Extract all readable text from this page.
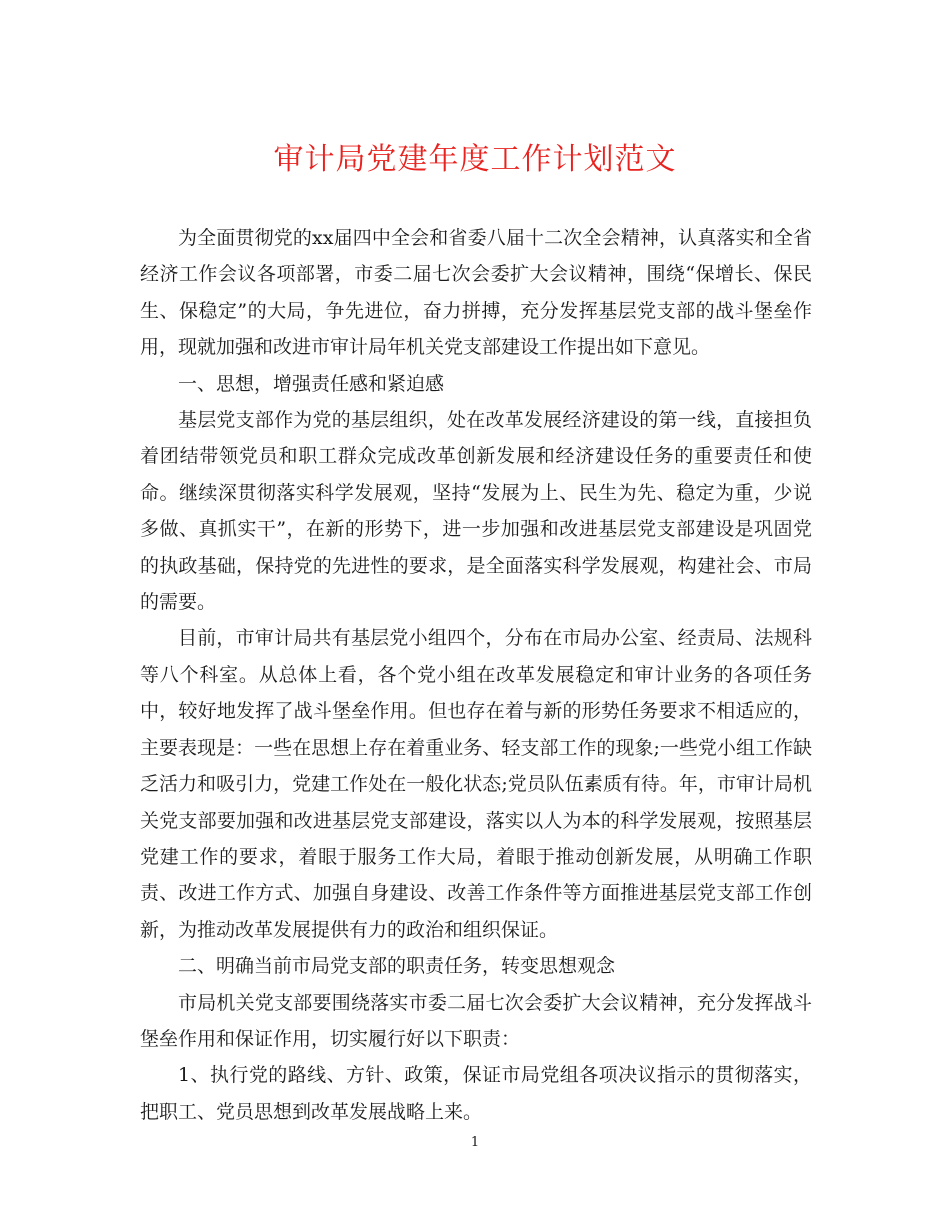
审计局党建年度工作计划范文

为全面贯彻党的xx届四中全会和省委八届十二次全会精神，认真落实和全省经济工作会议各项部署，市委二届七次会委扩大会议精神，围绕“保增长、保民生、保稳定”的大局，争先进位，奋力拼搏，充分发挥基层党支部的战斗堡垒作用，现就加强和改进市审计局年机关党支部建设工作提出如下意见。

一、思想，增强责任感和紧迫感

基层党支部作为党的基层组织，处在改革发展经济建设的第一线，直接担负着团结带领党员和职工群众完成改革创新发展和经济建设任务的重要责任和使命。继续深贯彻落实科学发展观，坚持“发展为上、民生为先、稳定为重，少说多做、真抓实干”，在新的形势下，进一步加强和改进基层党支部建设是巩固党的执政基础，保持党的先进性的要求，是全面落实科学发展观，构建社会、市局的需要。

目前，市审计局共有基层党小组四个，分布在市局办公室、经责局、法规科等八个科室。从总体上看，各个党小组在改革发展稳定和审计业务的各项任务中，较好地发挥了战斗堡垒作用。但也存在着与新的形势任务要求不相适应的，主要表现是：一些在思想上存在着重业务、轻支部工作的现象;一些党小组工作缺乏活力和吸引力，党建工作处在一般化状态;党员队伍素质有待。年，市审计局机关党支部要加强和改进基层党支部建设，落实以人为本的科学发展观，按照基层党建工作的要求，着眼于服务工作大局，着眼于推动创新发展，从明确工作职责、改进工作方式、加强自身建设、改善工作条件等方面推进基层党支部工作创新，为推动改革发展提供有力的政治和组织保证。

二、明确当前市局党支部的职责任务，转变思想观念

市局机关党支部要围绕落实市委二届七次会委扩大会议精神，充分发挥战斗堡垒作用和保证作用，切实履行好以下职责：

1、执行党的路线、方针、政策，保证市局党组各项决议指示的贯彻落实，把职工、党员思想到改革发展战略上来。

1
